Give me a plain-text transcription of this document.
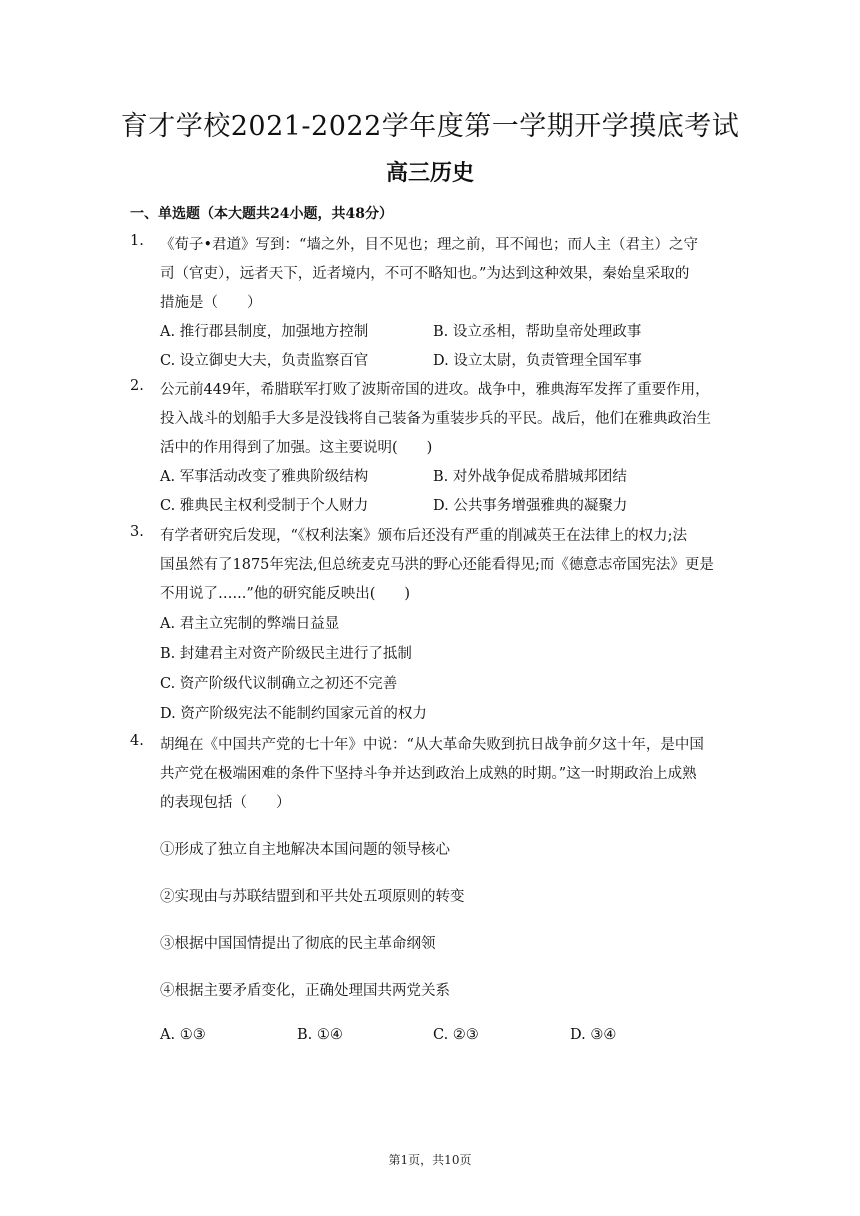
育才学校2021-2022学年度第一学期开学摸底考试
高三历史
一、单选题（本大题共24小题，共48分）
1. 《荀子•君道》写到：“墙之外，目不见也；理之前，耳不闻也；而人主（君主）之守
司（官吏），远者天下，近者境内，不可不略知也。”为达到这种效果，秦始皇采取的
措施是（　　）
A. 推行郡县制度，加强地方控制	B. 设立丞相，帮助皇帝处理政事
C. 设立御史大夫，负责监察百官	D. 设立太尉，负责管理全国军事
2. 公元前449年，希腊联军打败了波斯帝国的进攻。战争中，雅典海军发挥了重要作用，
投入战斗的划船手大多是没钱将自己装备为重装步兵的平民。战后，他们在雅典政治生
活中的作用得到了加强。这主要说明(　　)
A. 军事活动改变了雅典阶级结构	B. 对外战争促成希腊城邦团结
C. 雅典民主权利受制于个人财力	D. 公共事务增强雅典的凝聚力
3. 有学者研究后发现，“《权利法案》颁布后还没有严重的削减英王在法律上的权力;法
国虽然有了1875年宪法,但总统麦克马洪的野心还能看得见;而《德意志帝国宪法》更是
不用说了…...”他的研究能反映出(　　)
A. 君主立宪制的弊端日益显
B. 封建君主对资产阶级民主进行了抵制
C. 资产阶级代议制确立之初还不完善
D. 资产阶级宪法不能制约国家元首的权力
4. 胡绳在《中国共产党的七十年》中说：“从大革命失败到抗日战争前夕这十年，是中国
共产党在极端困难的条件下坚持斗争并达到政治上成熟的时期。”这一时期政治上成熟
的表现包括（　　）
①形成了独立自主地解决本国问题的领导核心
②实现由与苏联结盟到和平共处五项原则的转变
③根据中国国情提出了彻底的民主革命纲领
④根据主要矛盾变化，正确处理国共两党关系
A. ①③	B. ①④	C. ②③	D. ③④
第1页，共10页
